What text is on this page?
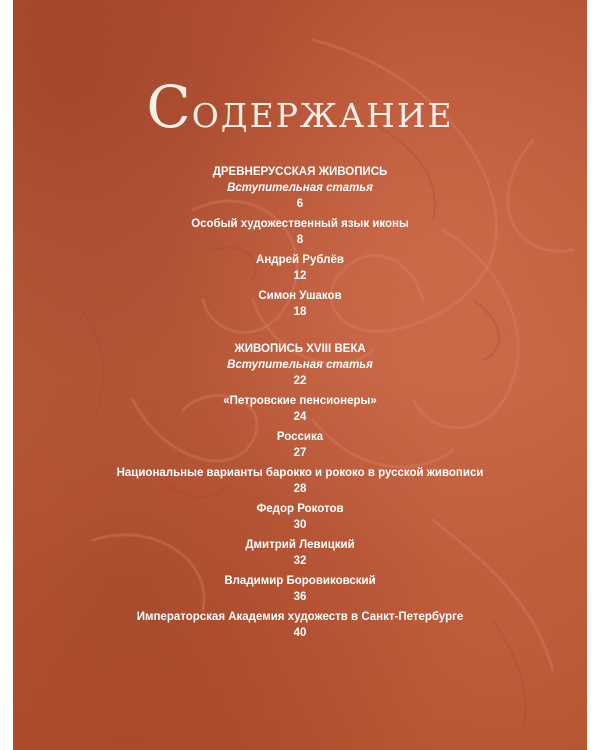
СОДЕРЖАНИЕ
ДРЕВНЕРУССКАЯ ЖИВОПИСЬ
Вступительная статья
6
Особый художественный язык иконы
8
Андрей Рублёв
12
Симон Ушаков
18
ЖИВОПИСЬ XVIII ВЕКА
Вступительная статья
22
«Петровские пенсионеры»
24
Россика
27
Национальные варианты барокко и рококо в русской живописи
28
Федор Рокотов
30
Дмитрий Левицкий
32
Владимир Боровиковский
36
Императорская Академия художеств в Санкт-Петербурге
40
